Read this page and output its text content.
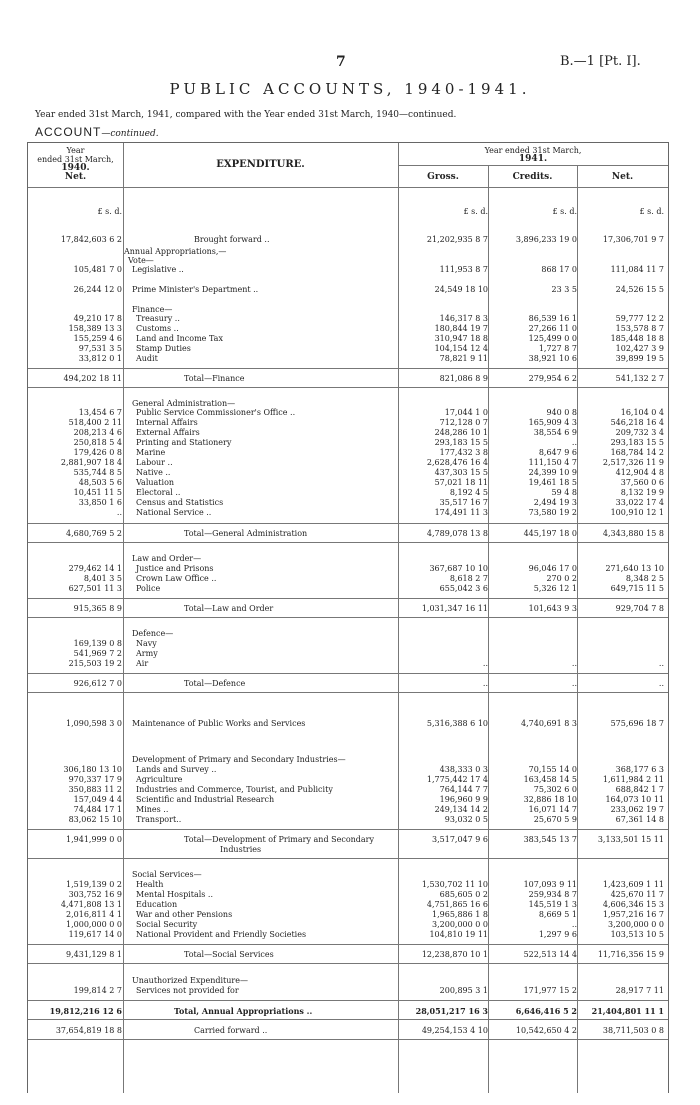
7	B.—1 [Pt. I].
PUBLIC ACCOUNTS, 1940-1941.
Year ended 31st March, 1941, compared with the Year ended 31st March, 1940—continued.
ACCOUNT—continued.
Year
ended 31st March,
1940.
Net.
EXPENDITURE.
Year ended 31st March,
1941.
Gross.	Credits.	Net.
£ s. d.	£ s. d.	£ s. d.	£ s. d.
17,842,603 6 2	Brought forward ..	21,202,935 8 7	3,896,233 19 0	17,306,701 9 7
Annual Appropriations,—
Vote—
105,481 7 0	Legislative ..	111,953 8 7	868 17 0	111,084 11 7
26,244 12 0	Prime Minister's Department ..	24,549 18 10	23 3 5	24,526 15 5
Finance—
49,210 17 8	Treasury ..	146,317 8 3	86,539 16 1	59,777 12 2
158,389 13 3	Customs ..	180,844 19 7	27,266 11 0	153,578 8 7
155,259 4 6	Land and Income Tax	310,947 18 8	125,499 0 0	185,448 18 8
97,531 3 5	Stamp Duties	104,154 12 4	1,727 8 7	102,427 3 9
33,812 0 1	Audit	78,821 9 11	38,921 10 6	39,899 19 5
494,202 18 11	Total—Finance	821,086 8 9	279,954 6 2	541,132 2 7
General Administration—
13,454 6 7	Public Service Commissioner's Office ..	17,044 1 0	940 0 8	16,104 0 4
518,400 2 11	Internal Affairs	712,128 0 7	165,909 4 3	546,218 16 4
208,213 4 6	External Affairs	248,286 10 1	38,554 6 9	209,732 3 4
250,818 5 4	Printing and Stationery	293,183 15 5	..	293,183 15 5
179,426 0 8	Marine	177,432 3 8	8,647 9 6	168,784 14 2
2,881,907 18 4	Labour ..	2,628,476 16 4	111,150 4 7	2,517,326 11 9
535,744 8 5	Native ..	437,303 15 5	24,399 10 9	412,904 4 8
48,503 5 6	Valuation	57,021 18 11	19,461 18 5	37,560 0 6
10,451 11 5	Electoral ..	8,192 4 5	59 4 8	8,132 19 9
33,850 1 6	Census and Statistics	35,517 16 7	2,494 19 3	33,022 17 4
..	National Service ..	174,491 11 3	73,580 19 2	100,910 12 1
4,680,769 5 2	Total—General Administration	4,789,078 13 8	445,197 18 0	4,343,880 15 8
Law and Order—
279,462 14 1	Justice and Prisons	367,687 10 10	96,046 17 0	271,640 13 10
8,401 3 5	Crown Law Office ..	8,618 2 7	270 0 2	8,348 2 5
627,501 11 3	Police	655,042 3 6	5,326 12 1	649,715 11 5
915,365 8 9	Total—Law and Order	1,031,347 16 11	101,643 9 3	929,704 7 8
Defence—
169,139 0 8	Navy
541,969 7 2	Army
215,503 19 2	Air	..	..	..
926,612 7 0	Total—Defence	..	..	..
1,090,598 3 0	Maintenance of Public Works and Services	5,316,388 6 10	4,740,691 8 3	575,696 18 7
Development of Primary and Secondary Industries—
306,180 13 10	Lands and Survey ..	438,333 0 3	70,155 14 0	368,177 6 3
970,337 17 9	Agriculture	1,775,442 17 4	163,458 14 5	1,611,984 2 11
350,883 11 2	Industries and Commerce, Tourist, and Publicity	764,144 7 7	75,302 6 0	688,842 1 7
157,049 4 4	Scientific and Industrial Research	196,960 9 9	32,886 18 10	164,073 10 11
74,484 17 1	Mines ..	249,134 14 2	16,071 14 7	233,062 19 7
83,062 15 10	Transport..	93,032 0 5	25,670 5 9	67,361 14 8
1,941,999 0 0	Total—Development of Primary and Secondary	3,517,047 9 6	383,545 13 7	3,133,501 15 11
Industries
Social Services—
1,519,139 0 2	Health	1,530,702 11 10	107,093 9 11	1,423,609 1 11
303,752 16 9	Mental Hospitals ..	685,605 0 2	259,934 8 7	425,670 11 7
4,471,808 13 1	Education	4,751,865 16 6	145,519 1 3	4,606,346 15 3
2,016,811 4 1	War and other Pensions	1,965,886 1 8	8,669 5 1	1,957,216 16 7
1,000,000 0 0	Social Security	3,200,000 0 0	..	3,200,000 0 0
119,617 14 0	National Provident and Friendly Societies	104,810 19 11	1,297 9 6	103,513 10 5
9,431,129 8 1	Total—Social Services	12,238,870 10 1	522,513 14 4	11,716,356 15 9
Unauthorized Expenditure—
199,814 2 7	Services not provided for	200,895 3 1	171,977 15 2	28,917 7 11
19,812,216 12 6	Total, Annual Appropriations ..	28,051,217 16 3	6,646,416 5 2	21,404,801 11 1
37,654,819 18 8	Carried forward ..	49,254,153 4 10	10,542,650 4 2	38,711,503 0 8
